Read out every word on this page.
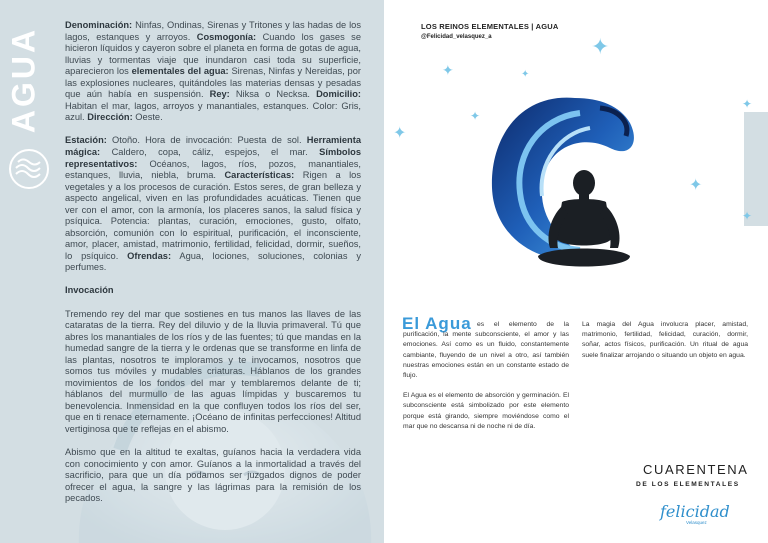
AGUA

Denominación: Ninfas, Ondinas, Sirenas y Tritones y las hadas de los lagos, estanques y arroyos. Cosmogonía: Cuando los gases se hicieron líquidos y cayeron sobre el planeta en forma de gotas de agua, lluvias y tormentas viaje que inundaron casi toda su superficie, aparecieron los elementales del agua: Sirenas, Ninfas y Nereidas, por las explosiones nucleares, quitándoles las materias densas y pesadas que aún había en suspensión. Rey: Niksa o Necksa. Domicilio: Habitan el mar, lagos, arroyos y manantiales, estanques. Color: Gris, azul. Dirección: Oeste.

Estación: Otoño. Hora de invocación: Puesta de sol. Herramienta mágica: Caldero, copa, cáliz, espejos, el mar. Símbolos representativos: Océanos, lagos, ríos, pozos, manantiales, estanques, lluvia, niebla, bruma. Características: Rigen a los vegetales y a los procesos de curación. Estos seres, de gran belleza y aspecto angelical, viven en las profundidades acuáticas. Tienen que ver con el amor, con la armonía, los placeres sanos, la salud física y psíquica. Potencia: plantas, curación, emociones, gusto, olfato, absorción, comunión con lo espiritual, purificación, el inconsciente, amor, placer, amistad, matrimonio, fertilidad, felicidad, dormir, sueños, lo psíquico. Ofrendas: Agua, lociones, soluciones, colonias y perfumes.

Invocación

Tremendo rey del mar que sostienes en tus manos las llaves de las cataratas de la tierra. Rey del diluvio y de la lluvia primaveral. Tú que abres los manantiales de los ríos y de las fuentes; tú que mandas en la humedad sangre de la tierra y le ordenas que se transforme en linfa de las plantas, nosotros te imploramos y te invocamos, nosotros que somos tus móviles y mudables criaturas. Háblanos de los grandes movimientos de los fondos del mar y temblaremos delante de ti; háblanos del murmullo de las aguas límpidas y buscaremos tu benevolencia. Inmensidad en la que confluyen todos los ríos del ser, que en ti renace eternamente. ¡Océano de infinitas perfecciones! Altitud vertiginosa que te reflejas en el abismo.

Abismo que en la altitud te exaltas, guíanos hacia la verdadera vida con conocimiento y con amor. Guíanos a la inmortalidad a través del sacrificio, para que un día podamos ser juzgados dignos de poder ofrecer el agua, la sangre y las lágrimas para la remisión de los pecados.

LOS REINOS ELEMENTALES | AGUA
@Felicidad_velasquez_a	✦
✦	✦
✦
✦
✦
✦
✦
El Agua es el elemento de la purificación, la mente subconsciente, el amor y las emociones. Así como es un fluido, constantemente cambiante, fluyendo de un nivel a otro, así también nuestras emociones están en un constante estado de flujo.

El Agua es el elemento de absorción y germinación. El subconsciente está simbolizado por este elemento porque está girando, siempre moviéndose como el mar que no descansa ni de noche ni de día.

La magia del Agua involucra placer, amistad, matrimonio, fertilidad, felicidad, curación, dormir, soñar, actos físicos, purificación. Un ritual de agua suele finalizar arrojando o situando un objeto en agua.

CUARENTENA
DE LOS ELEMENTALES
felicidad
Velasquez
